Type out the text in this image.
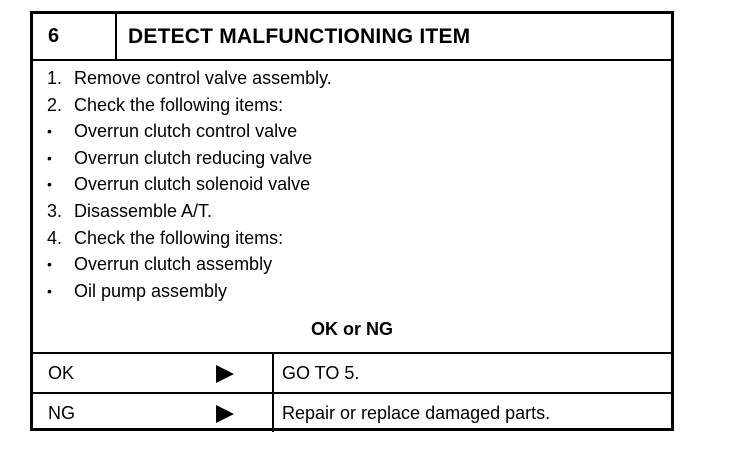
6	DETECT MALFUNCTIONING ITEM
1. Remove control valve assembly.
2. Check the following items:
• Overrun clutch control valve
• Overrun clutch reducing valve
• Overrun clutch solenoid valve
3. Disassemble A/T.
4. Check the following items:
• Overrun clutch assembly
• Oil pump assembly
OK or NG
OK	GO TO 5.
NG	Repair or replace damaged parts.
